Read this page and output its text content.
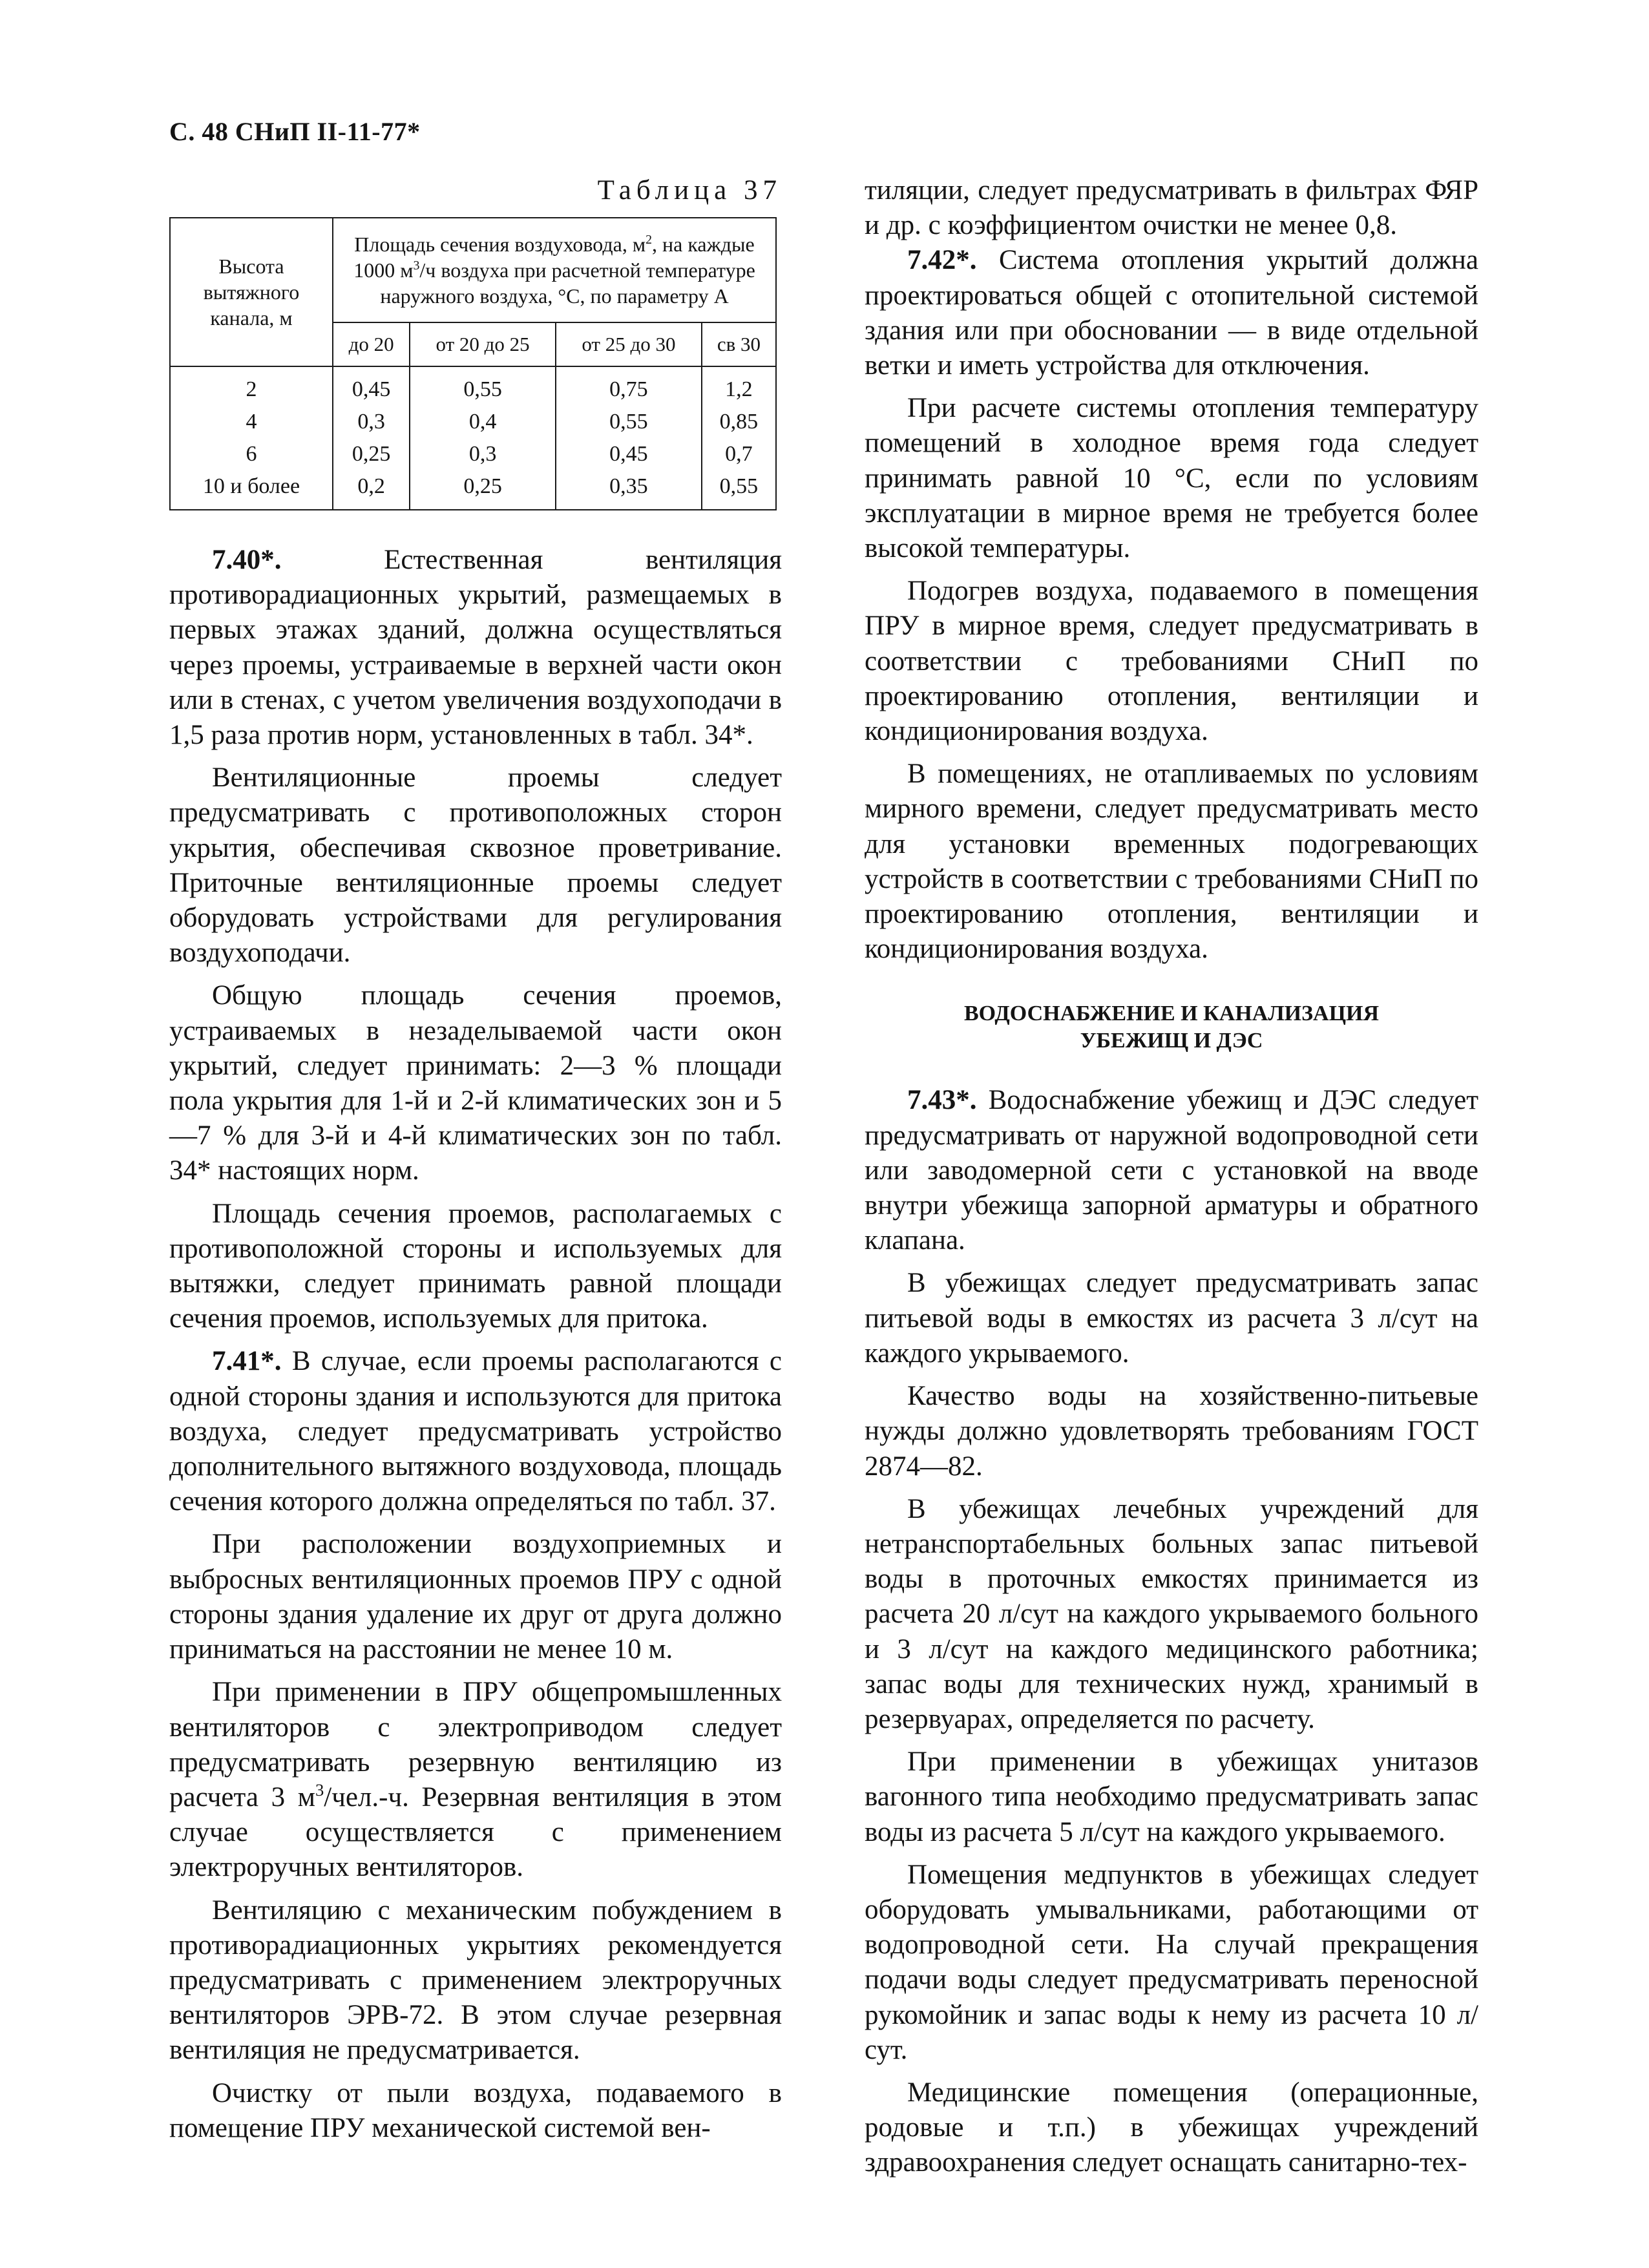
С. 48 СНиП II-11-77*
Таблица 37
Высота вытяжного канала, м	Площадь сечения воздуховода, $м^2$, на каждые 1000 $м^3/ч$ воздуха при расчетной температуре наружного воздуха, °С, по параметру А			
	до 20	от 20 до 25	от 25 до 30	св 30
2	0,45	0,55	0,75	1,2
4	0,3	0,4	0,55	0,85
6	0,25	0,3	0,45	0,7
10 и более	0,2	0,25	0,35	0,55

7.40*.	Естественная вентиляция противорадиационных укрытий, размещаемых в первых этажах зданий, должна осуществляться через проемы, устраиваемые в верхней части окон или в стенах, с учетом увеличения воздухоподачи в 1,5 раза против норм, установленных в табл. 34*.

Вентиляционные проемы следует предусматривать с противоположных сторон укрытия, обеспечивая сквозное проветривание. Приточные вентиляционные проемы следует оборудовать устройствами для регулирования воздухоподачи.

Общую площадь сечения проемов, устраиваемых в незаделываемой части окон укрытий, следует принимать: 2—3 % площади пола укрытия для 1-й и 2-й климатических зон и 5—7 % для 3-й и 4-й климатических зон по табл. 34* настоящих норм.

Площадь сечения проемов, располагаемых с противоположной стороны и используемых для вытяжки, следует принимать равной площади сечения проемов, используемых для притока.

7.41*. В случае, если проемы располагаются с одной стороны здания и используются для притока воздуха, следует предусматривать устройство дополнительного вытяжного воздуховода, площадь сечения которого должна определяться по табл. 37.

При расположении воздухоприемных и выбросных вентиляционных проемов ПРУ с одной стороны здания удаление их друг от друга должно приниматься на расстоянии не менее 10 м.

При применении в ПРУ общепромышленных вентиляторов с электроприводом следует предусматривать резервную вентиляцию из расчета 3 $м^3/чел.-ч$. Резервная вентиляция в этом случае осуществляется с применением электроручных вентиляторов.

Вентиляцию с механическим побуждением в противорадиационных укрытиях рекомендуется предусматривать с применением электроручных вентиляторов ЭРВ-72. В этом случае резервная вентиляция не предусматривается.

Очистку от пыли воздуха, подаваемого в помещение ПРУ механической системой вен-

тиляции, следует предусматривать в фильтрах ФЯР и др. с коэффициентом очистки не менее 0,8.

7.42*. Система отопления укрытий должна проектироваться общей с отопительной системой здания или при обосновании — в виде отдельной ветки и иметь устройства для отключения.

При расчете системы отопления температуру помещений в холодное время года следует принимать равной 10 °С, если по условиям эксплуатации в мирное время не требуется более высокой температуры.

Подогрев воздуха, подаваемого в помещения ПРУ в мирное время, следует предусматривать в соответствии с требованиями СНиП по проектированию отопления, вентиляции и кондиционирования воздуха.

В помещениях, не отапливаемых по условиям мирного времени, следует предусматривать место для установки временных подогревающих устройств в соответствии с требованиями СНиП по проектированию отопления, вентиляции и кондиционирования воздуха.

ВОДОСНАБЖЕНИЕ И КАНАЛИЗАЦИЯ
УБЕЖИЩ И ДЭС

7.43*. Водоснабжение убежищ и ДЭС следует предусматривать от наружной водопроводной сети или заводомерной сети с установкой на вводе внутри убежища запорной арматуры и обратного клапана.

В убежищах следует предусматривать запас питьевой воды в емкостях из расчета 3 л/сут на каждого укрываемого.

Качество воды на хозяйственно-питьевые нужды должно удовлетворять требованиям ГОСТ 2874—82.

В убежищах лечебных учреждений для нетранспортабельных больных запас питьевой воды в проточных емкостях принимается из расчета 20 л/сут на каждого укрываемого больного и 3 л/сут на каждого медицинского работника; запас воды для технических нужд, хранимый в резервуарах, определяется по расчету.

При применении в убежищах унитазов вагонного типа необходимо предусматривать запас воды из расчета 5 л/сут на каждого укрываемого.

Помещения медпунктов в убежищах следует оборудовать умывальниками, работающими от водопроводной сети. На случай прекращения подачи воды следует предусматривать переносной рукомойник и запас воды к нему из расчета 10 л/сут.

Медицинские помещения (операционные, родовые и т.п.) в убежищах учреждений здравоохранения следует оснащать санитарно-тех-
